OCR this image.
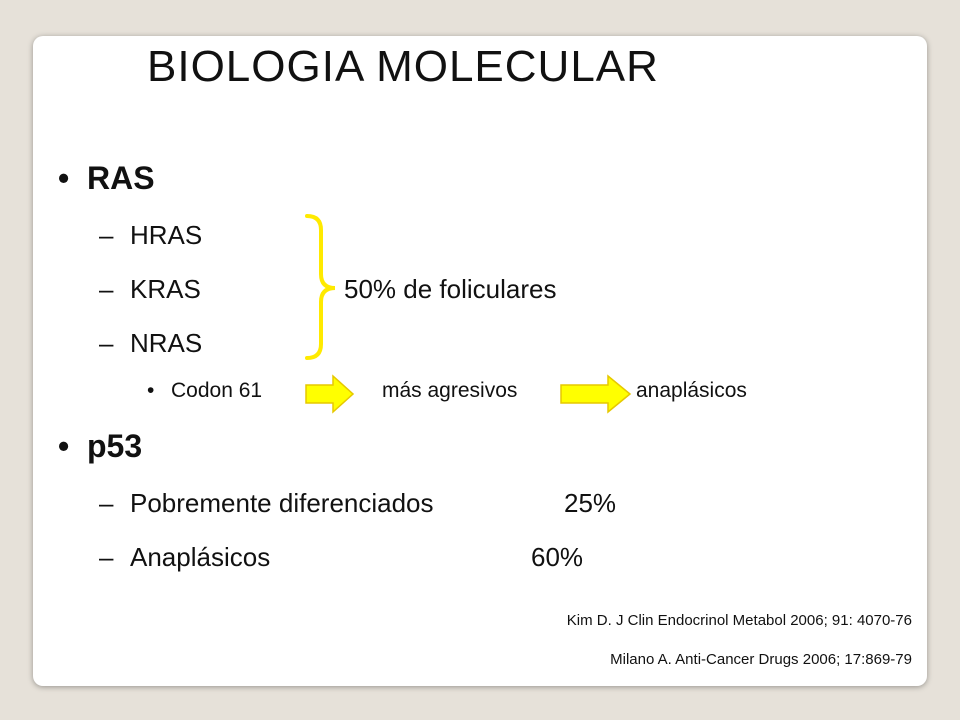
BIOLOGIA MOLECULAR
• RAS
– HRAS
– KRAS
– NRAS
50% de foliculares
• Codon 61	más agresivos	anaplásicos
• p53
– Pobremente diferenciados	25%
– Anaplásicos	60%
Kim D. J Clin Endocrinol Metabol 2006; 91: 4070-76
Milano A. Anti-Cancer Drugs 2006; 17:869-79
